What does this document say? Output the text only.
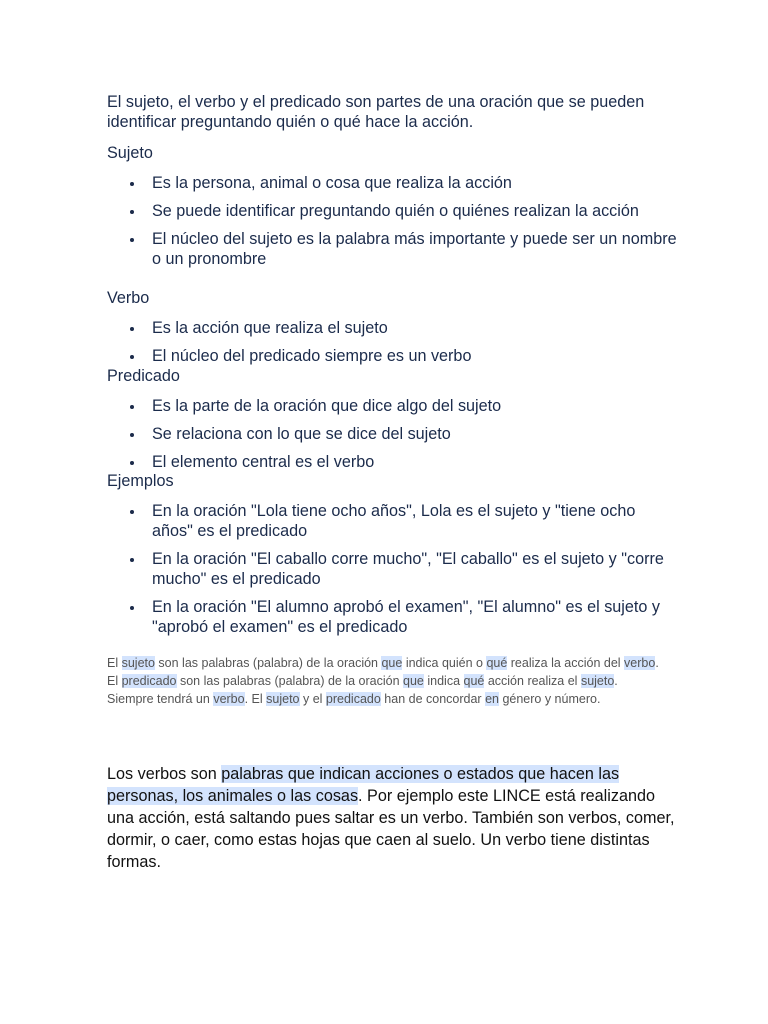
El sujeto, el verbo y el predicado son partes de una oración que se pueden identificar preguntando quién o qué hace la acción.

Sujeto
Es la persona, animal o cosa que realiza la acción
Se puede identificar preguntando quién o quiénes realizan la acción
El núcleo del sujeto es la palabra más importante y puede ser un nombre o un pronombre
Verbo
Es la acción que realiza el sujeto
El núcleo del predicado siempre es un verbo
Predicado
Es la parte de la oración que dice algo del sujeto
Se relaciona con lo que se dice del sujeto
El elemento central es el verbo
Ejemplos
En la oración "Lola tiene ocho años", Lola es el sujeto y "tiene ocho años" es el predicado
En la oración "El caballo corre mucho", "El caballo" es el sujeto y "corre mucho" es el predicado
En la oración "El alumno aprobó el examen", "El alumno" es el sujeto y "aprobó el examen" es el predicado

El sujeto son las palabras (palabra) de la oración que indica quién o qué realiza la acción del verbo. El predicado son las palabras (palabra) de la oración que indica qué acción realiza el sujeto. Siempre tendrá un verbo. El sujeto y el predicado han de concordar en género y número.

Los verbos son palabras que indican acciones o estados que hacen las personas, los animales o las cosas. Por ejemplo este LINCE está realizando una acción, está saltando pues saltar es un verbo. También son verbos, comer, dormir, o caer, como estas hojas que caen al suelo. Un verbo tiene distintas formas.
